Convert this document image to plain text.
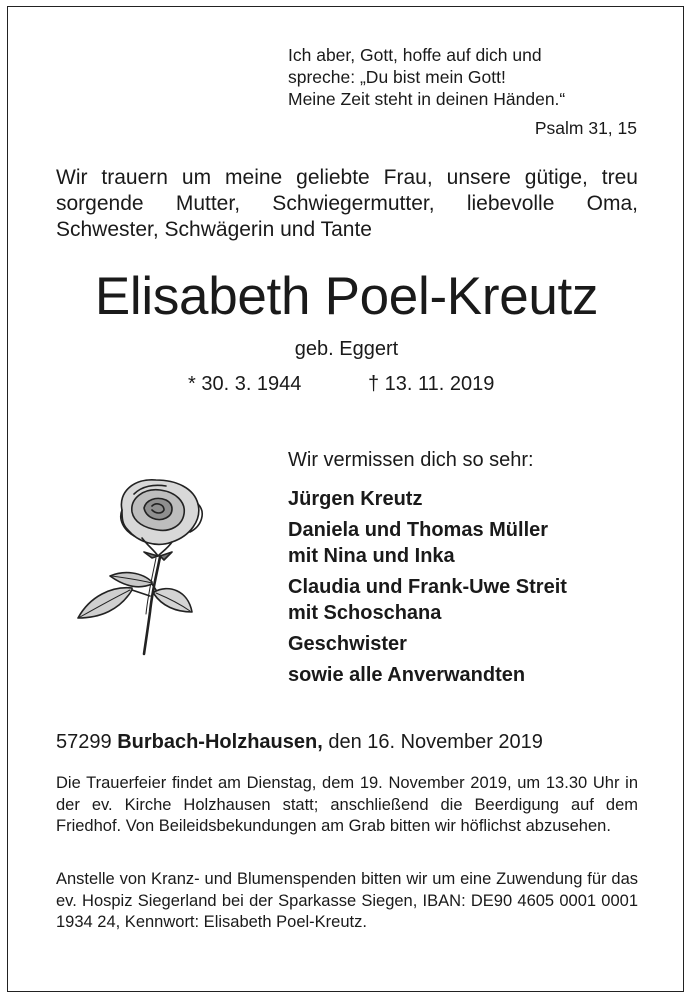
Ich aber, Gott, hoffe auf dich und
spreche: „Du bist mein Gott!
Meine Zeit steht in deinen Händen.“
Psalm 31, 15

Wir trauern um meine geliebte Frau, unsere gütige, treu sorgende Mutter, Schwiegermutter, liebevolle Oma, Schwester, Schwägerin und Tante

Elisabeth Poel-Kreutz
geb. Eggert
* 30. 3. 1944	† 13. 11. 2019
Wir vermissen dich so sehr:
Jürgen Kreutz
Daniela und Thomas Müller
mit Nina und Inka
Claudia und Frank-Uwe Streit
mit Schoschana
Geschwister
sowie alle Anverwandten
57299 Burbach-Holzhausen, den 16. November 2019

Die Trauerfeier findet am Dienstag, dem 19. November 2019, um 13.30 Uhr in der ev. Kirche Holzhausen statt; anschließend die Beerdigung auf dem Friedhof. Von Beileidsbekundungen am Grab bitten wir höflichst abzusehen.

Anstelle von Kranz- und Blumenspenden bitten wir um eine Zuwendung für das ev. Hospiz Siegerland bei der Sparkasse Siegen, IBAN: DE90 4605 0001 0001 1934 24, Kennwort: Elisabeth Poel-Kreutz.
